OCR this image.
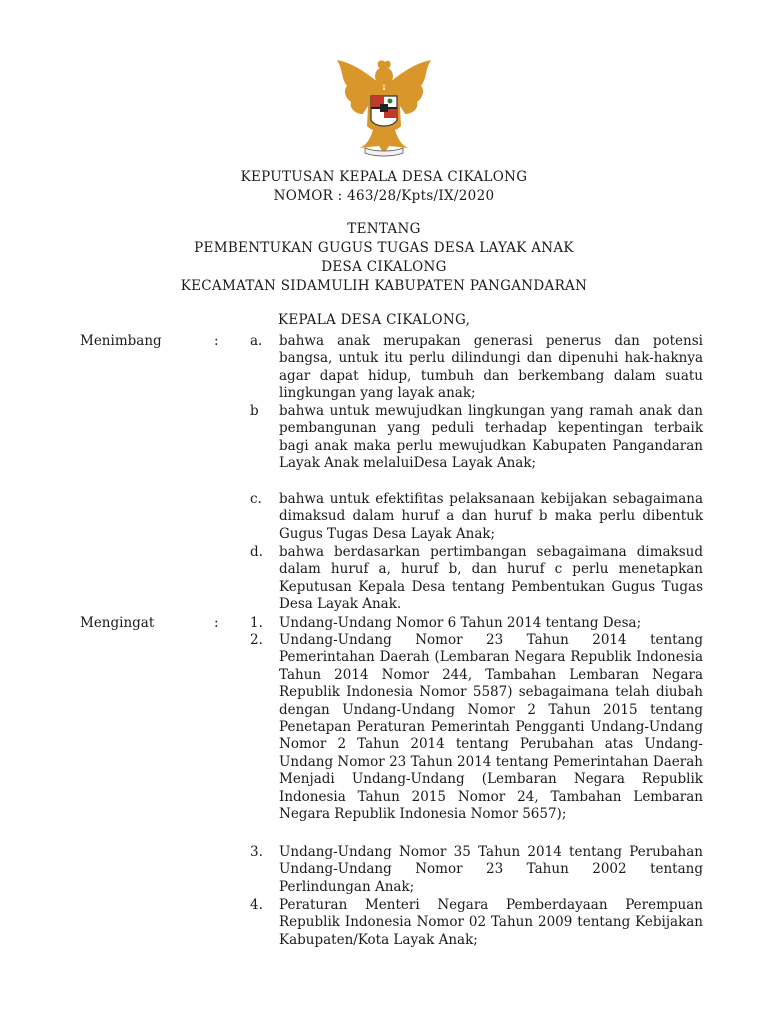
KEPUTUSAN KEPALA DESA CIKALONG
NOMOR : 463/28/Kpts/IX/2020
TENTANG
PEMBENTUKAN GUGUS TUGAS DESA LAYAK ANAK
DESA CIKALONG
KECAMATAN SIDAMULIH KABUPATEN PANGANDARAN
KEPALA DESA CIKALONG,
Menimbang	: a. bahwa anak merupakan generasi penerus dan potensi bangsa, untuk itu perlu dilindungi dan dipenuhi hak-haknya agar dapat hidup, tumbuh dan berkembang dalam suatu lingkungan yang layak anak;
b bahwa untuk mewujudkan lingkungan yang ramah anak dan pembangunan yang peduli terhadap kepentingan terbaik bagi anak maka perlu mewujudkan Kabupaten Pangandaran Layak Anak melaluiDesa Layak Anak;
c. bahwa untuk efektifitas pelaksanaan kebijakan sebagaimana dimaksud dalam huruf a dan huruf b maka perlu dibentuk Gugus Tugas Desa Layak Anak;
d. bahwa berdasarkan pertimbangan sebagaimana dimaksud dalam huruf a, huruf b, dan huruf c perlu menetapkan Keputusan Kepala Desa tentang Pembentukan Gugus Tugas Desa Layak Anak.
Mengingat	: 1. Undang-Undang Nomor 6 Tahun 2014 tentang Desa;
2. Undang-Undang Nomor 23 Tahun 2014 tentang Pemerintahan Daerah (Lembaran Negara Republik Indonesia Tahun 2014 Nomor 244, Tambahan Lembaran Negara Republik Indonesia Nomor 5587) sebagaimana telah diubah dengan Undang-Undang Nomor 2 Tahun 2015 tentang Penetapan Peraturan Pemerintah Pengganti Undang-Undang Nomor 2 Tahun 2014 tentang Perubahan atas Undang-Undang Nomor 23 Tahun 2014 tentang Pemerintahan Daerah Menjadi Undang-Undang (Lembaran Negara Republik Indonesia Tahun 2015 Nomor 24, Tambahan Lembaran Negara Republik Indonesia Nomor 5657);
3. Undang-Undang Nomor 35 Tahun 2014 tentang Perubahan Undang-Undang Nomor 23 Tahun 2002 tentang Perlindungan Anak;
4. Peraturan Menteri Negara Pemberdayaan Perempuan Republik Indonesia Nomor 02 Tahun 2009 tentang Kebijakan Kabupaten/Kota Layak Anak;
